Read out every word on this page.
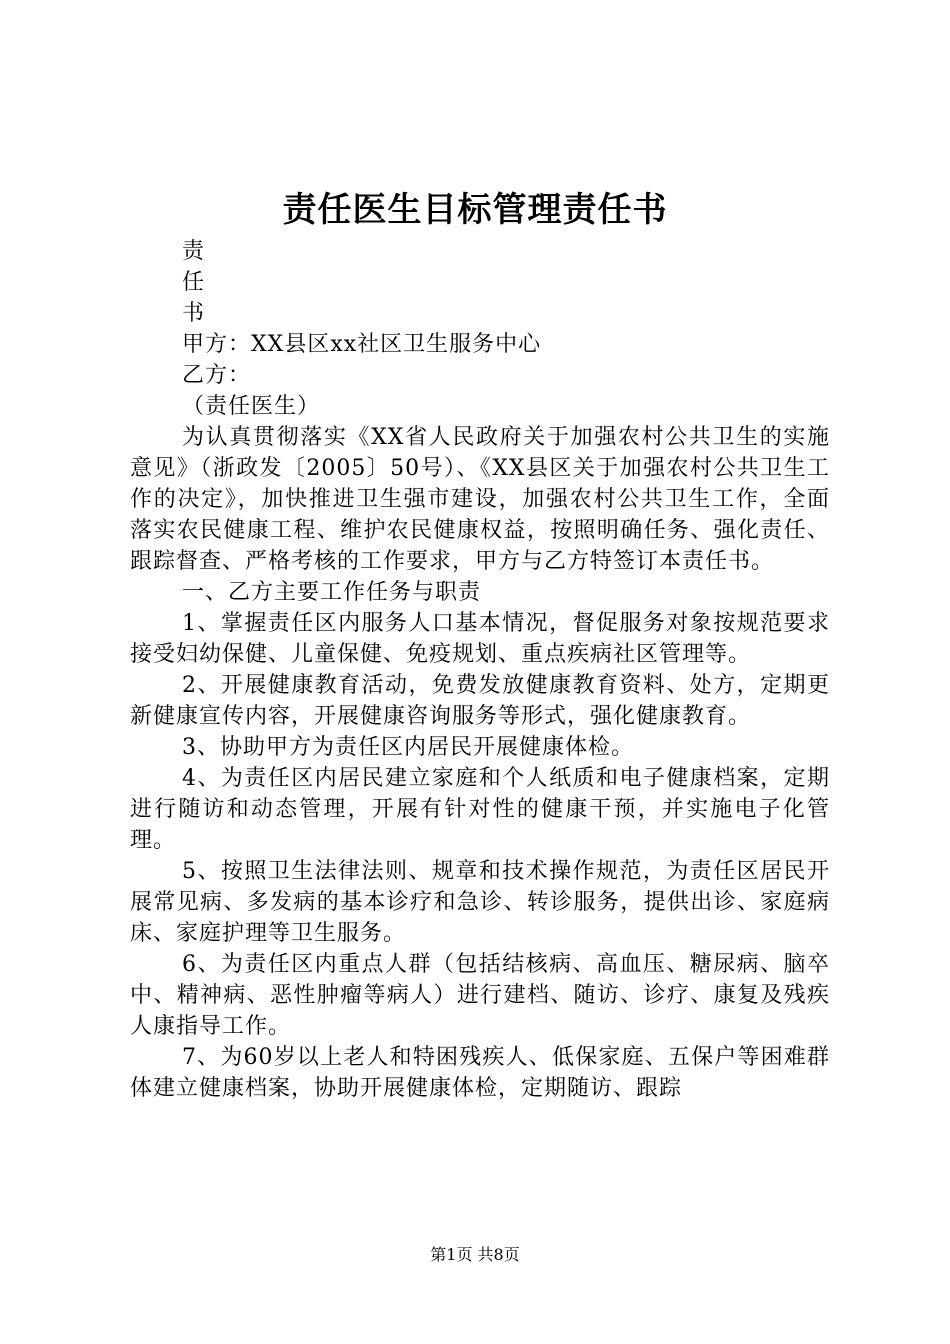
责任医生目标管理责任书
责
任
书
甲方：XX县区xx社区卫生服务中心
乙方：
（责任医生）
为认真贯彻落实《XX省人民政府关于加强农村公共卫生的实施意见》（浙政发〔2005〕50号）、《XX县区关于加强农村公共卫生工作的决定》，加快推进卫生强市建设，加强农村公共卫生工作，全面落实农民健康工程、维护农民健康权益，按照明确任务、强化责任、跟踪督查、严格考核的工作要求，甲方与乙方特签订本责任书。
一、乙方主要工作任务与职责
1、掌握责任区内服务人口基本情况，督促服务对象按规范要求接受妇幼保健、儿童保健、免疫规划、重点疾病社区管理等。
2、开展健康教育活动，免费发放健康教育资料、处方，定期更新健康宣传内容，开展健康咨询服务等形式，强化健康教育。
3、协助甲方为责任区内居民开展健康体检。
4、为责任区内居民建立家庭和个人纸质和电子健康档案，定期进行随访和动态管理，开展有针对性的健康干预，并实施电子化管理。
5、按照卫生法律法则、规章和技术操作规范，为责任区居民开展常见病、多发病的基本诊疗和急诊、转诊服务，提供出诊、家庭病床、家庭护理等卫生服务。
6、为责任区内重点人群（包括结核病、高血压、糖尿病、脑卒中、精神病、恶性肿瘤等病人）进行建档、随访、诊疗、康复及残疾人康指导工作。
7、为60岁以上老人和特困残疾人、低保家庭、五保户等困难群体建立健康档案，协助开展健康体检，定期随访、跟踪
第1页 共8页
